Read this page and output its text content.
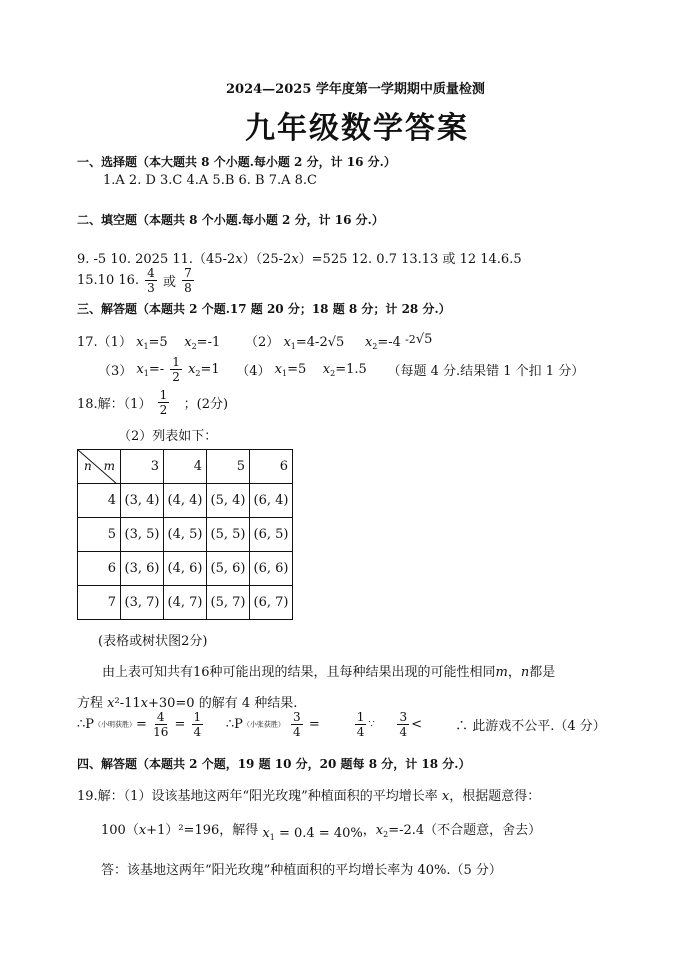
2024—2025 学年度第一学期期中质量检测
九年级数学答案
一、选择题（本大题共 8 个小题.每小题 2 分，计 16 分.）
1.A 2. D 3.C 4.A 5.B 6. B 7.A 8.C
二、填空题（本题共 8 个小题.每小题 2 分，计 16 分.）
9. -5 10. 2025 11.（45-2x）（25-2x）=525 12. 0.7 13.13 或 12 14.6.5
15.10 16. $\frac{4}{3}$ 或 $\frac{7}{8}$
三、解答题（本题共 2 个题.17 题 20 分；18 题 8 分；计 28 分.）
17.（1） $x_1=5$ $x_2=-1$ （2） $x_1=4-2√5$ $x_2=-4$ $^{-2}$√5
（3） $x_1=- \frac{1}{2} x_2=1$ （4） $x_1=5$ $x_2=1.5$ （每题 4 分.结果错 1 个扣 1 分）
18.解：$(1) \frac{1}{2}$ ；(2分)
（2）列表如下：
n m	3	4	5	6
4	(3, 4)	(4, 4)	(5, 4)	(6, 4)
5	(3, 5)	(4, 5)	(5, 5)	(6, 5)
6	(3, 6)	(4, 6)	(5, 6)	(6, 6)
7	(3, 7)	(4, 7)	(5, 7)	(6, 7)
(表格或树状图2分)
由上表可知共有16种可能出现的结果，且每种结果出现的可能性相同m，n都是
方程 x²-11x+30=0 的解有 4 种结果.
∴P（小明获胜）= $\frac{4}{16} = \frac{1}{4}$ ∴P（小张获胜） $\frac{3}{4}$ =	$\frac{1}{4}$ ∵ $\frac{3}{4}$ <	∴ 此游戏不公平.（4 分）
四、解答题（本题共 2 个题，19 题 10 分，20 题每 8 分，计 18 分.）
19.解：（1）设该基地这两年“阳光玫瑰”种植面积的平均增长率 x，根据题意得：
100（x+1）²=196，解得 $x_1 = 0.4 = 40\%$，$x_2=-2.4$（不合题意，舍去）
答：该基地这两年“阳光玫瑰”种植面积的平均增长率为 40%.（5 分）
